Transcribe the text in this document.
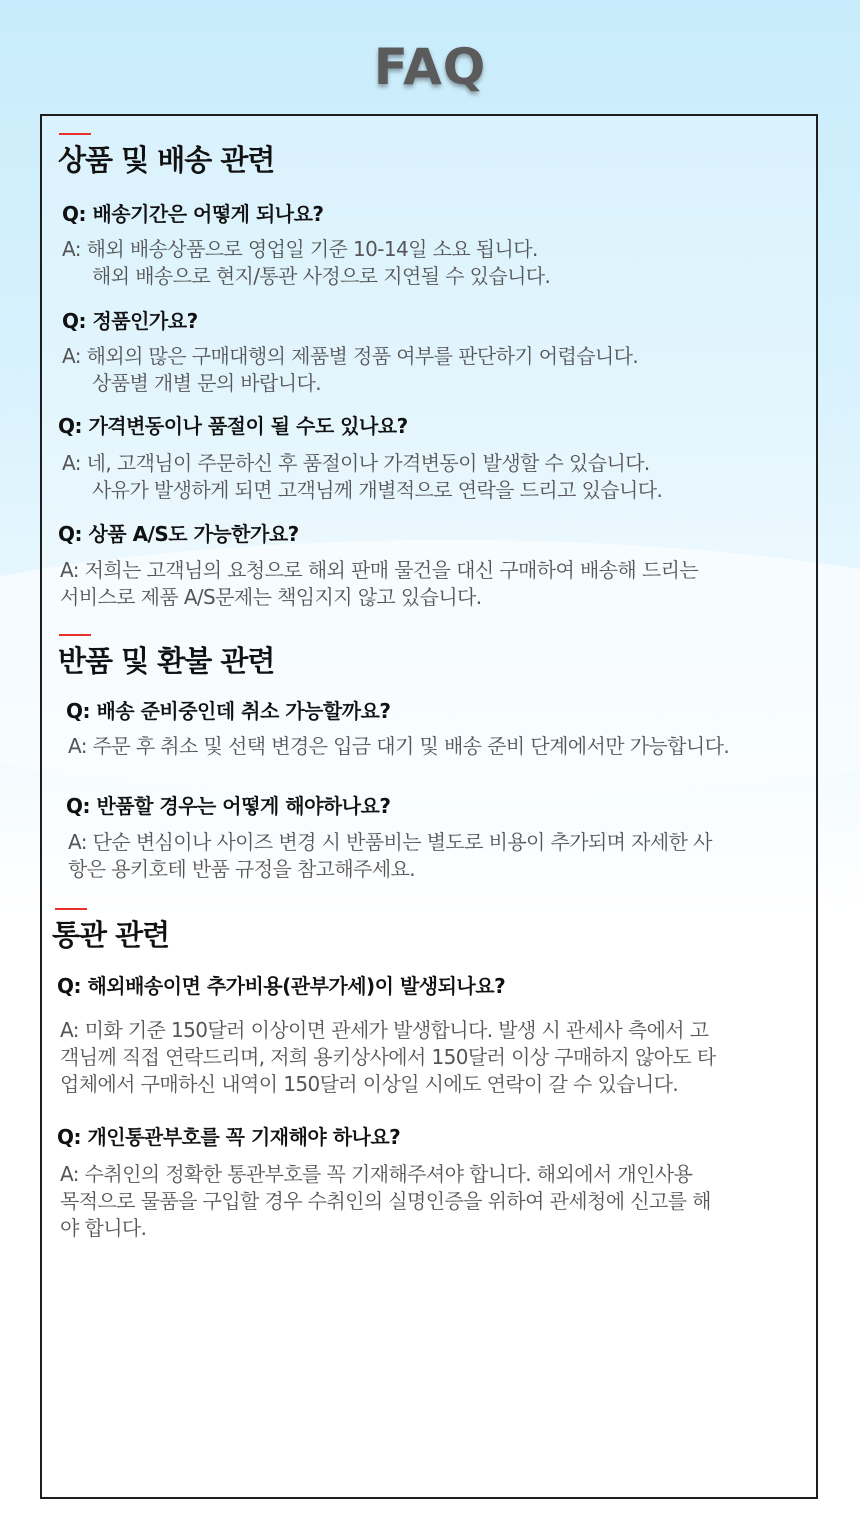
FAQ
상품 및 배송 관련
Q: 배송기간은 어떻게 되나요?
A: 해외 배송상품으로 영업일 기준 10-14일 소요 됩니다.
해외 배송으로 현지/통관 사정으로 지연될 수 있습니다.
Q: 정품인가요?
A: 해외의 많은 구매대행의 제품별 정품 여부를 판단하기 어렵습니다.
상품별 개별 문의 바랍니다.
Q: 가격변동이나 품절이 될 수도 있나요?
A: 네, 고객님이 주문하신 후 품절이나 가격변동이 발생할 수 있습니다.
사유가 발생하게 되면 고객님께 개별적으로 연락을 드리고 있습니다.
Q: 상품 A/S도 가능한가요?
A: 저희는 고객님의 요청으로 해외 판매 물건을 대신 구매하여 배송해 드리는
서비스로 제품 A/S문제는 책임지지 않고 있습니다.
반품 및 환불 관련
Q: 배송 준비중인데 취소 가능할까요?
A: 주문 후 취소 및 선택 변경은 입금 대기 및 배송 준비 단계에서만 가능합니다.
Q: 반품할 경우는 어떻게 해야하나요?
A: 단순 변심이나 사이즈 변경 시 반품비는 별도로 비용이 추가되며 자세한 사
항은 용키호테 반품 규정을 참고해주세요.
통관 관련
Q: 해외배송이면 추가비용(관부가세)이 발생되나요?
A: 미화 기준 150달러 이상이면 관세가 발생합니다. 발생 시 관세사 측에서 고
객님께 직접 연락드리며, 저희 용키상사에서 150달러 이상 구매하지 않아도 타
업체에서 구매하신 내역이 150달러 이상일 시에도 연락이 갈 수 있습니다.
Q: 개인통관부호를 꼭 기재해야 하나요?
A: 수취인의 정확한 통관부호를 꼭 기재해주셔야 합니다. 해외에서 개인사용
목적으로 물품을 구입할 경우 수취인의 실명인증을 위하여 관세청에 신고를 해
야 합니다.
